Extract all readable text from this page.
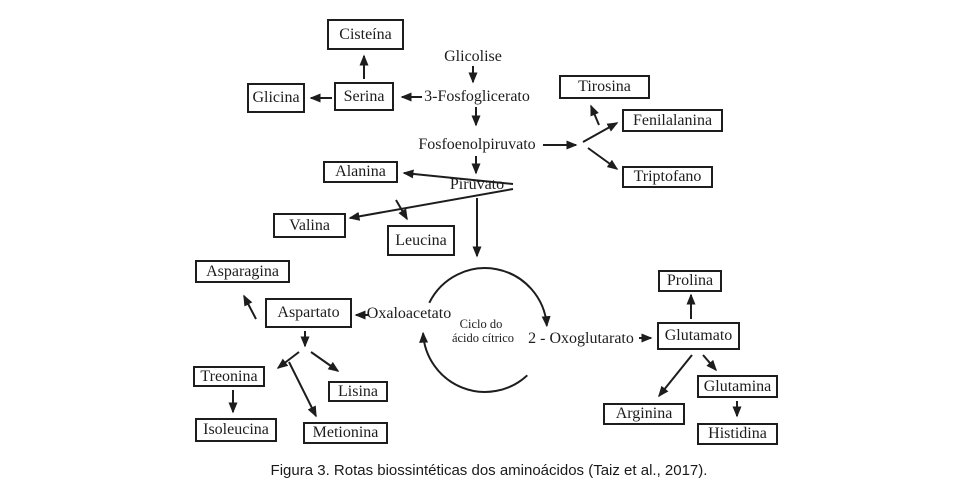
Cisteína
Glicina	Serina
Tirosina
Fenilalanina
Triptofano
Alanina
Valina
Leucina
Asparagina
Aspartato
Treonina
Isoleucina
Lisina
Metionina
Prolina
Glutamato
Arginina
Glutamina
Histidina
Glicolise
3-Fosfoglicerato
Fosfoenolpiruvato
Piruvato
Oxaloacetato
2 - Oxoglutarato
Ciclo do
ácido cítrico
Figura 3. Rotas biossintéticas dos aminoácidos (Taiz et al., 2017).
